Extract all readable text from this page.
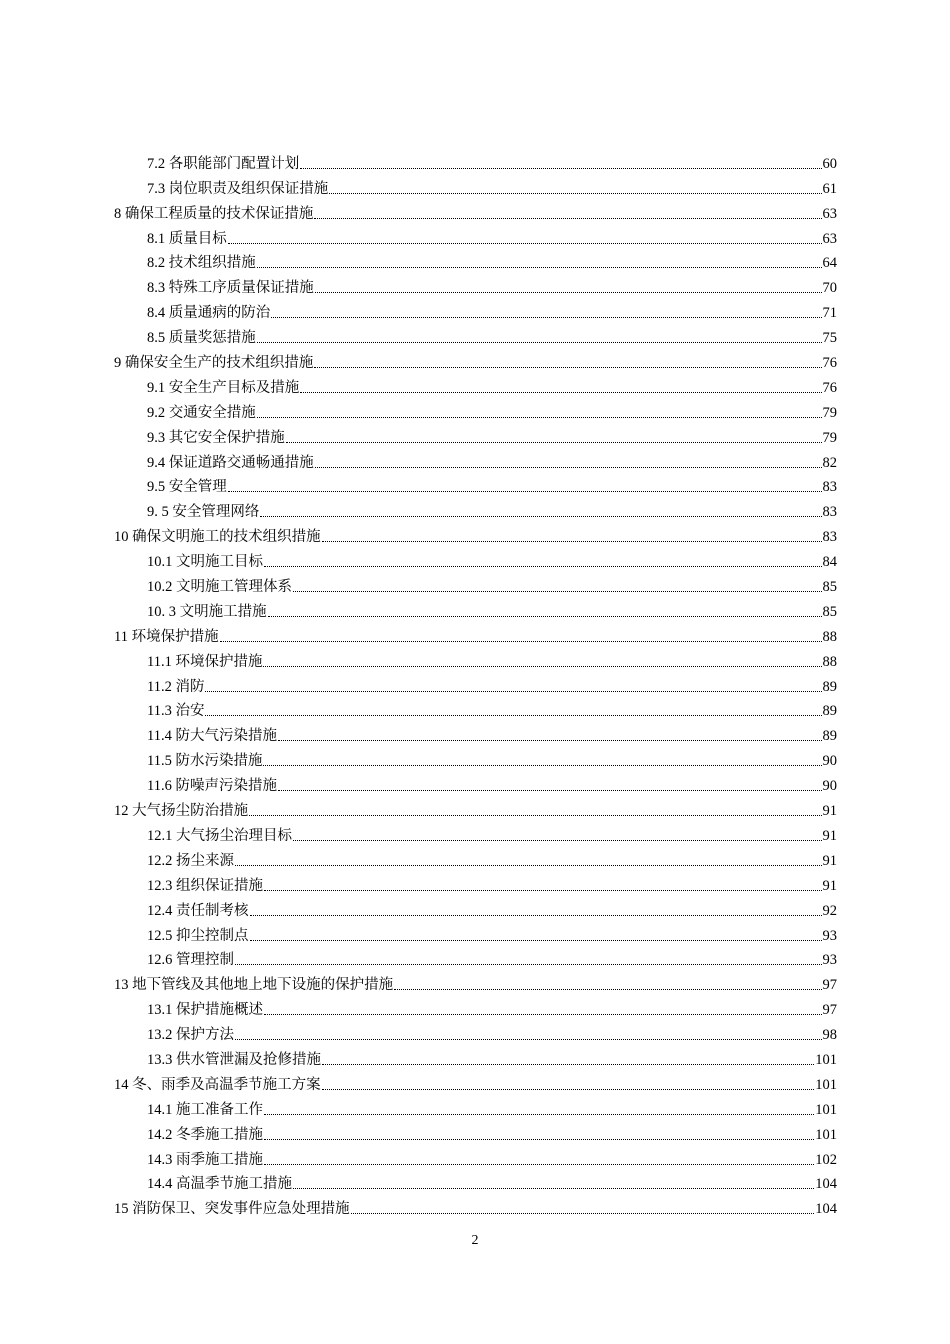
7.2 各职能部门配置计划	60
7.3 岗位职责及组织保证措施	61
8 确保工程质量的技术保证措施	63
8.1 质量目标	63
8.2 技术组织措施	64
8.3 特殊工序质量保证措施	70
8.4 质量通病的防治	71
8.5 质量奖惩措施	75
9 确保安全生产的技术组织措施	76
9.1 安全生产目标及措施	76
9.2 交通安全措施	79
9.3 其它安全保护措施	79
9.4 保证道路交通畅通措施	82
9.5 安全管理	83
9. 5 安全管理网络	83
10 确保文明施工的技术组织措施	83
10.1 文明施工目标	84
10.2 文明施工管理体系	85
10. 3 文明施工措施	85
11 环境保护措施	88
11.1 环境保护措施	88
11.2 消防	89
11.3 治安	89
11.4 防大气污染措施	89
11.5 防水污染措施	90
11.6 防噪声污染措施	90
12 大气扬尘防治措施	91
12.1 大气扬尘治理目标	91
12.2 扬尘来源	91
12.3 组织保证措施	91
12.4 责任制考核	92
12.5 抑尘控制点	93
12.6 管理控制	93
13 地下管线及其他地上地下设施的保护措施	97
13.1 保护措施概述	97
13.2 保护方法	98
13.3 供水管泄漏及抢修措施	101
14 冬、雨季及高温季节施工方案	101
14.1 施工准备工作	101
14.2 冬季施工措施	101
14.3 雨季施工措施	102
14.4 高温季节施工措施	104
15 消防保卫、突发事件应急处理措施	104
2
